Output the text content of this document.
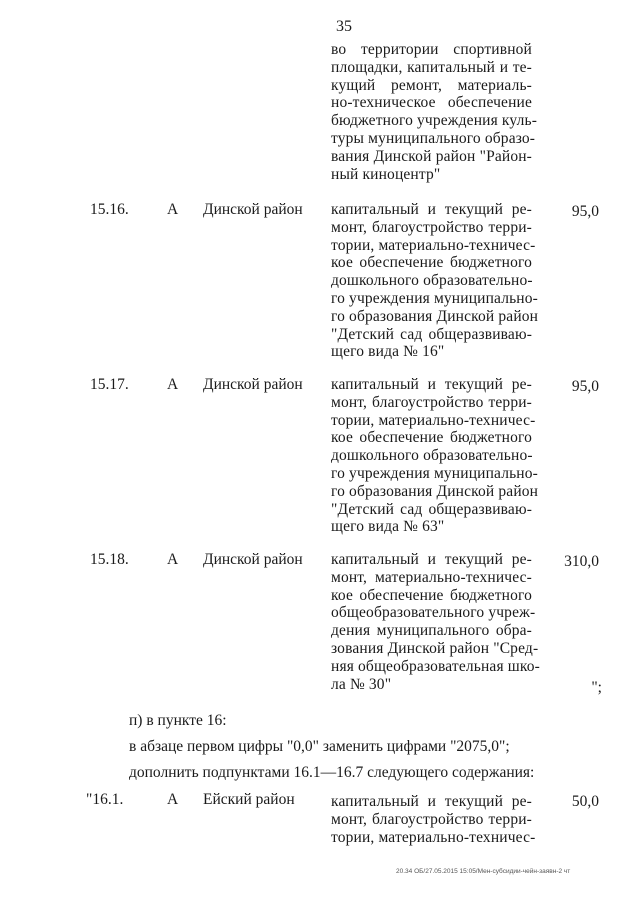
35
во территории спортивной
площадки, капитальный и те-
кущий ремонт, материаль-
но-техническое обеспечение
бюджетного учреждения куль-
туры муниципального образо-
вания Динской район "Район-
ный киноцентр"
15.16. А Динской район капитальный и текущий ре-
монт, благоустройство терри-
тории, материально-техничес-
кое обеспечение бюджетного
дошкольного образовательно-
го учреждения муниципально-
го образования Динской район
"Детский сад общеразвиваю-
щего вида № 16"
95,0
15.17. А Динской район капитальный и текущий ре-
монт, благоустройство терри-
тории, материально-техничес-
кое обеспечение бюджетного
дошкольного образовательно-
го учреждения муниципально-
го образования Динской район
"Детский сад общеразвиваю-
щего вида № 63"
95,0
15.18. А Динской район капитальный и текущий ре-
монт, материально-техничес-
кое обеспечение бюджетного
общеобразовательного учреж-
дения муниципального обра-
зования Динской район "Сред-
няя общеобразовательная шко-
ла № 30"
310,0
";
п) в пункте 16:
в абзаце первом цифры "0,0" заменить цифрами "2075,0";
дополнить подпунктами 16.1—16.7 следующего содержания:
"16.1.	А Ейский район капитальный и текущий ре-
монт, благоустройство терри-
тории, материально-техничес-
50,0
20.34 ОБ/27.05.2015 15:05/Мен-субсидии-чейн-заявн-2 чт
